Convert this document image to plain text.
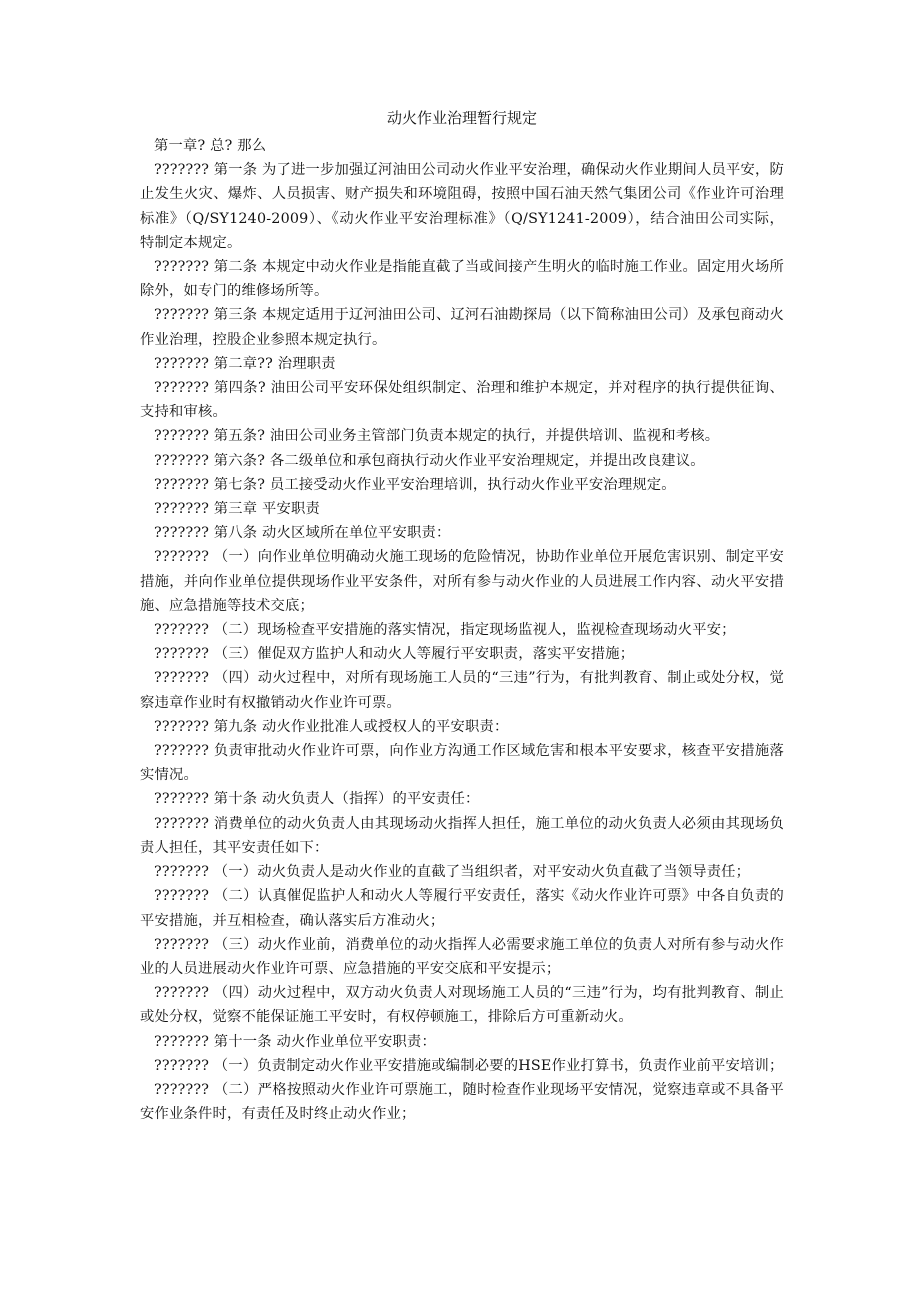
动火作业治理暂行规定

第一章? 总? 那么

??????? 第一条 为了进一步加强辽河油田公司动火作业平安治理，确保动火作业期间人员平安，防止发生火灾、爆炸、人员损害、财产损失和环境阻碍，按照中国石油天然气集团公司《作业许可治理标准》（Q/SY1240-2009）、《动火作业平安治理标准》（Q/SY1241-2009），结合油田公司实际，特制定本规定。

??????? 第二条 本规定中动火作业是指能直截了当或间接产生明火的临时施工作业。固定用火场所除外，如专门的维修场所等。

??????? 第三条 本规定适用于辽河油田公司、辽河石油勘探局（以下简称油田公司）及承包商动火作业治理，控股企业参照本规定执行。

??????? 第二章?? 治理职责

??????? 第四条? 油田公司平安环保处组织制定、治理和维护本规定，并对程序的执行提供征询、支持和审核。

??????? 第五条? 油田公司业务主管部门负责本规定的执行，并提供培训、监视和考核。

??????? 第六条? 各二级单位和承包商执行动火作业平安治理规定，并提出改良建议。

??????? 第七条? 员工接受动火作业平安治理培训，执行动火作业平安治理规定。

??????? 第三章 平安职责

??????? 第八条 动火区域所在单位平安职责：

??????? （一）向作业单位明确动火施工现场的危险情况，协助作业单位开展危害识别、制定平安措施，并向作业单位提供现场作业平安条件，对所有参与动火作业的人员进展工作内容、动火平安措施、应急措施等技术交底；

??????? （二）现场检查平安措施的落实情况，指定现场监视人，监视检查现场动火平安；

??????? （三）催促双方监护人和动火人等履行平安职责，落实平安措施；

??????? （四）动火过程中，对所有现场施工人员的“三违”行为，有批判教育、制止或处分权，觉察违章作业时有权撤销动火作业许可票。

??????? 第九条 动火作业批准人或授权人的平安职责：

??????? 负责审批动火作业许可票，向作业方沟通工作区域危害和根本平安要求，核查平安措施落实情况。

??????? 第十条 动火负责人（指挥）的平安责任：

??????? 消费单位的动火负责人由其现场动火指挥人担任，施工单位的动火负责人必须由其现场负责人担任，其平安责任如下：

??????? （一）动火负责人是动火作业的直截了当组织者，对平安动火负直截了当领导责任；

??????? （二）认真催促监护人和动火人等履行平安责任，落实《动火作业许可票》中各自负责的平安措施，并互相检查，确认落实后方准动火；

??????? （三）动火作业前，消费单位的动火指挥人必需要求施工单位的负责人对所有参与动火作业的人员进展动火作业许可票、应急措施的平安交底和平安提示；

??????? （四）动火过程中，双方动火负责人对现场施工人员的“三违”行为，均有批判教育、制止或处分权，觉察不能保证施工平安时，有权停顿施工，排除后方可重新动火。

??????? 第十一条 动火作业单位平安职责：

??????? （一）负责制定动火作业平安措施或编制必要的HSE作业打算书，负责作业前平安培训；

??????? （二）严格按照动火作业许可票施工，随时检查作业现场平安情况，觉察违章或不具备平安作业条件时，有责任及时终止动火作业；
